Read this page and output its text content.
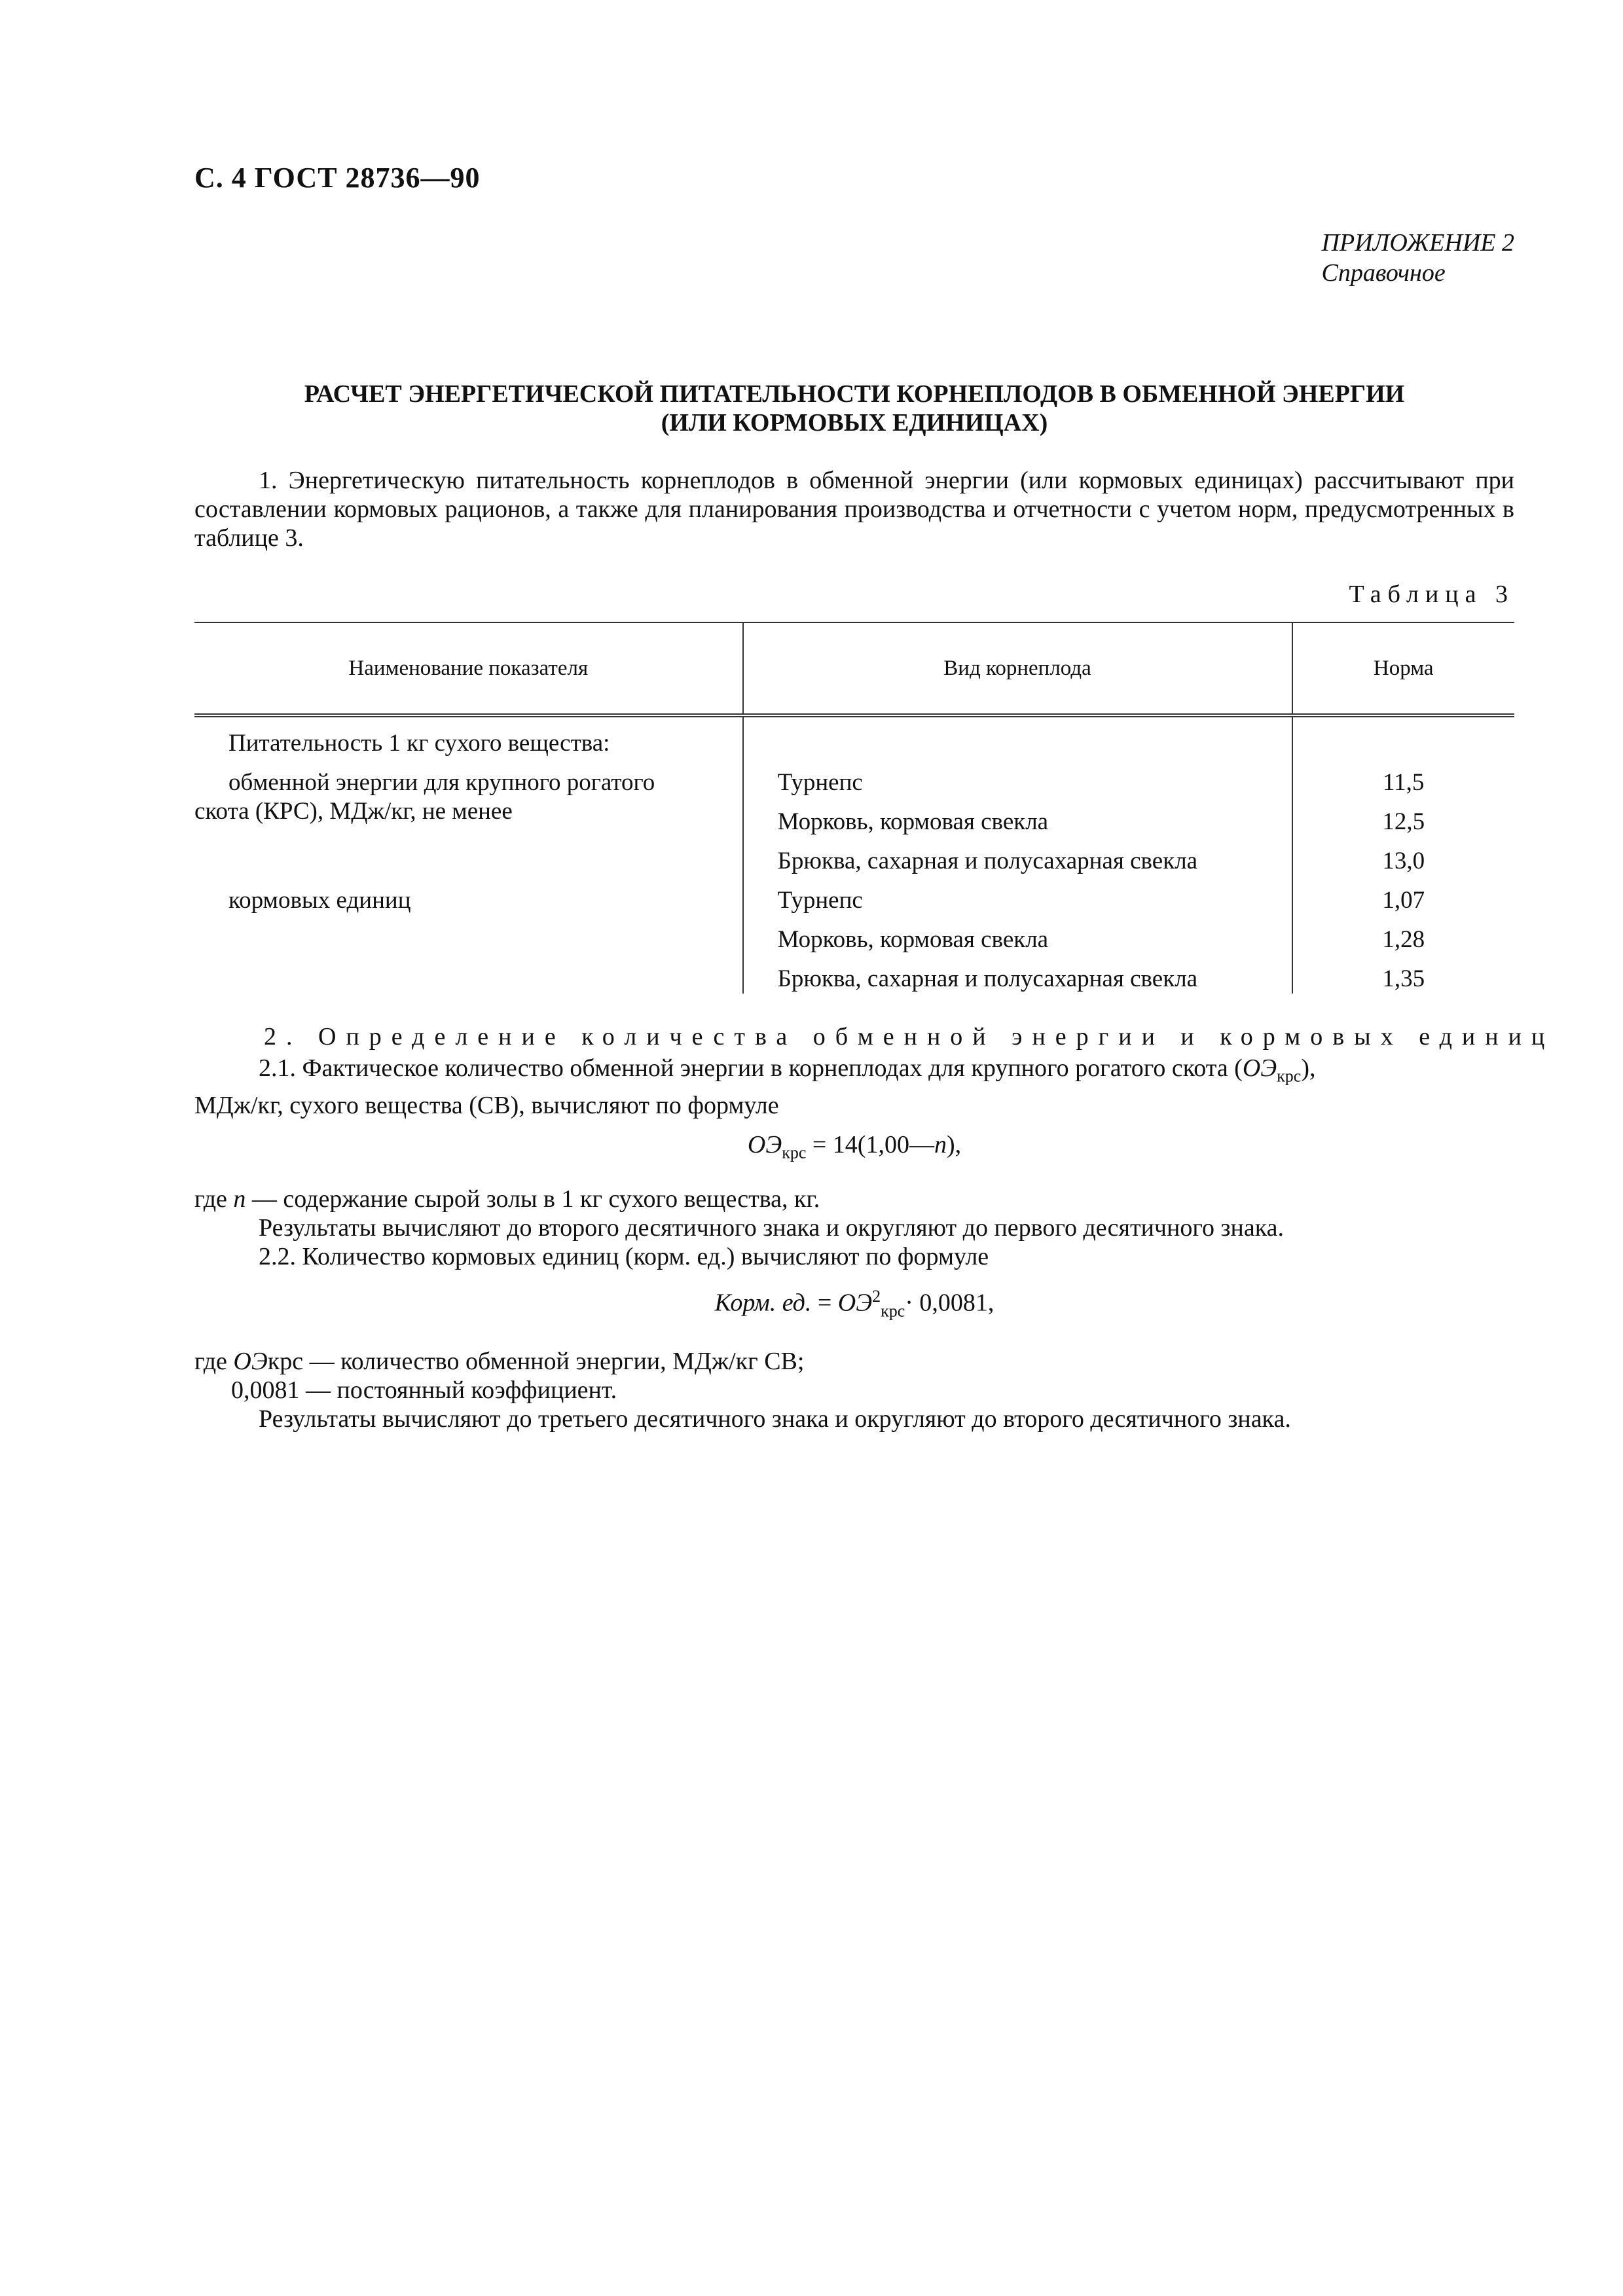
С. 4 ГОСТ 28736—90
ПРИЛОЖЕНИЕ 2
Справочное
РАСЧЕТ ЭНЕРГЕТИЧЕСКОЙ ПИТАТЕЛЬНОСТИ КОРНЕПЛОДОВ В ОБМЕННОЙ ЭНЕРГИИ
(ИЛИ КОРМОВЫХ ЕДИНИЦАХ)
1. Энергетическую питательность корнеплодов в обменной энергии (или кормовых единицах) рассчитывают при составлении кормовых рационов, а также для планирования производства и отчетности с учетом норм, предусмотренных в таблице 3.
Таблица 3
Наименование показателя	Вид корнеплода	Норма
Питательность 1 кг сухого вещества:		
обменной энергии для крупного рогатого	Турнепс	11,5
скота (КРС), МДж/кг, не менее	Морковь, кормовая свекла	12,5
	Брюква, сахарная и полусахарная свекла	13,0
кормовых единиц	Турнепс	1,07
	Морковь, кормовая свекла	1,28
	Брюква, сахарная и полусахарная свекла	1,35
2. Определение количества обменной энергии и кормовых единиц
2.1. Фактическое количество обменной энергии в корнеплодах для крупного рогатого скота $(ОЭ_{крс})$,
МДж/кг, сухого вещества (СВ), вычисляют по формуле
$ОЭ_{крс}$ = 14(1,00—n),
где n — содержание сырой золы в 1 кг сухого вещества, кг.
Результаты вычисляют до второго десятичного знака и округляют до первого десятичного знака.
2.2. Количество кормовых единиц (корм. ед.) вычисляют по формуле
Корм. ед. = $ОЭ^2_{крс}\cdot 0,0081$,
где ОЭкрс — количество обменной энергии, МДж/кг СВ;
0,0081 — постоянный коэффициент.
Результаты вычисляют до третьего десятичного знака и округляют до второго десятичного знака.
